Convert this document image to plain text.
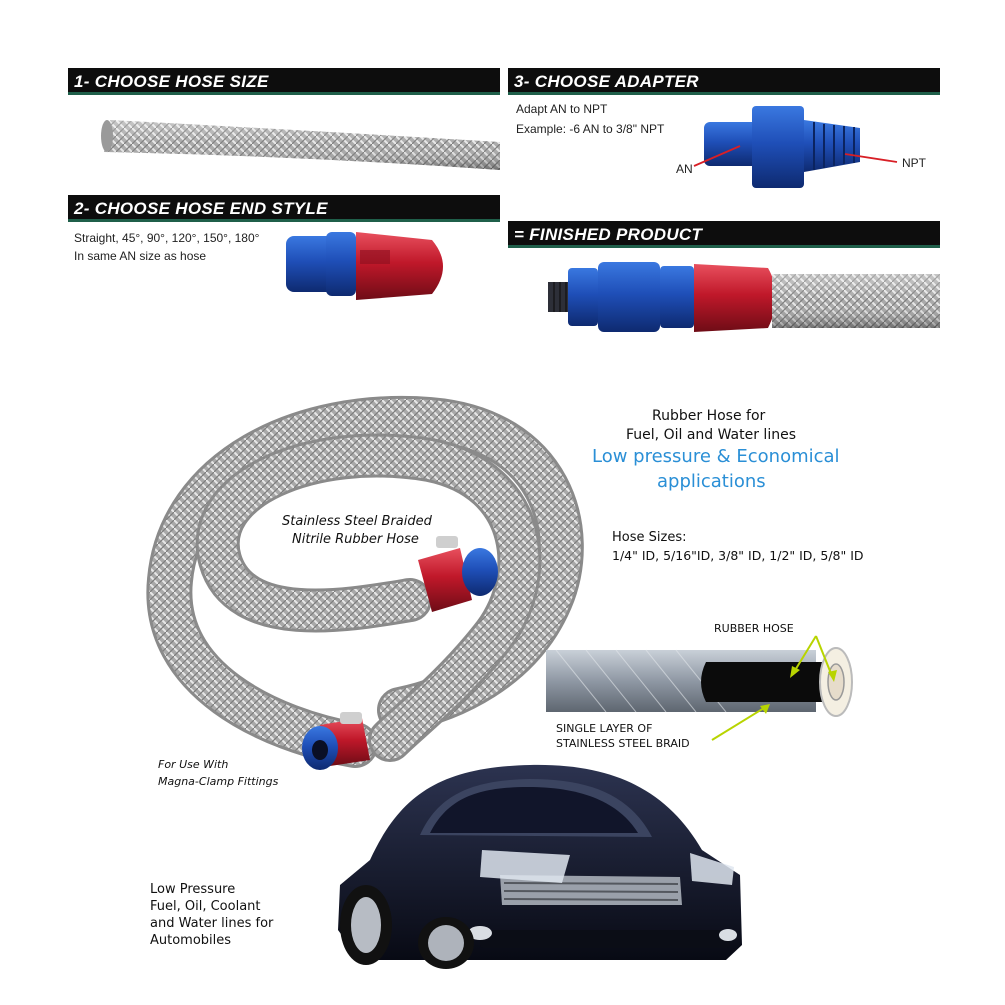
1- CHOOSE HOSE SIZE
2- CHOOSE HOSE END STYLE
Straight, 45°, 90°, 120°, 150°, 180°
In same AN size as hose
3- CHOOSE ADAPTER
Adapt AN to NPT
Example: -6 AN to 3/8" NPT
AN	NPT
= FINISHED PRODUCT
Stainless Steel Braided
Nitrile Rubber Hose
For Use With
Magna-Clamp Fittings
Rubber Hose for
Fuel, Oil and Water lines
Low pressure & Economical
applications
Hose Sizes:
1/4" ID, 5/16"ID, 3/8" ID, 1/2" ID, 5/8" ID
RUBBER HOSE
SINGLE LAYER OF
STAINLESS STEEL BRAID
Low Pressure
Fuel, Oil, Coolant
and Water lines for
Automobiles
